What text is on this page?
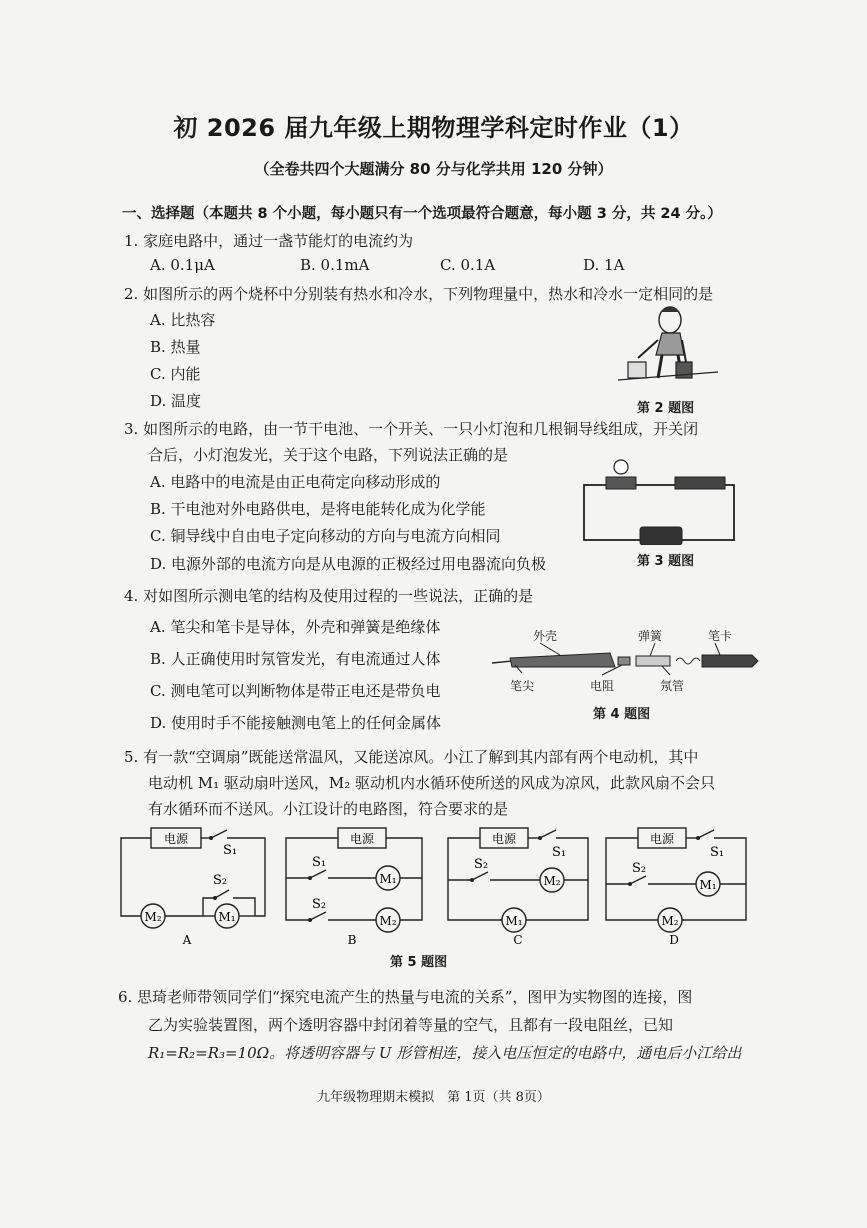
初 2026 届九年级上期物理学科定时作业（1）
（全卷共四个大题满分 80 分与化学共用 120 分钟）
一、选择题（本题共 8 个小题，每小题只有一个选项最符合题意，每小题 3 分，共 24 分。）
1. 家庭电路中，通过一盏节能灯的电流约为
A. 0.1μA	B. 0.1mA	C. 0.1A	D. 1A
2. 如图所示的两个烧杯中分别装有热水和冷水，下列物理量中，热水和冷水一定相同的是
A. 比热容
B. 热量
C. 内能
D. 温度	第 2 题图
3. 如图所示的电路，由一节干电池、一个开关、一只小灯泡和几根铜导线组成，开关闭
合后，小灯泡发光，关于这个电路，下列说法正确的是
A. 电路中的电流是由正电荷定向移动形成的
B. 干电池对外电路供电，是将电能转化成为化学能
C. 铜导线中自由电子定向移动的方向与电流方向相同
D. 电源外部的电流方向是从电源的正极经过用电器流向负极	第 3 题图
4. 对如图所示测电笔的结构及使用过程的一些说法，正确的是
A. 笔尖和笔卡是导体，外壳和弹簧是绝缘体
B. 人正确使用时氖管发光，有电流通过人体
C. 测电笔可以判断物体是带正电还是带负电
D. 使用时手不能接触测电笔上的任何金属体
外壳	弹簧	笔卡
笔尖	电阻	氖管
第 4 题图
5. 有一款“空调扇”既能送常温风，又能送凉风。小江了解到其内部有两个电动机，其中
电动机 M₁ 驱动扇叶送风，M₂ 驱动机内水循环使所送的风成为凉风，此款风扇不会只
有水循环而不送风。小江设计的电路图，符合要求的是
电源
S₁
S₂
M₂	M₁
A
电源
S₁
S₂
M₁
M₂
B
电源
S₁
S₂
M₂
M₁
C
电源
S₁
S₂
M₁
M₂
D
第 5 题图
6. 思琦老师带领同学们“探究电流产生的热量与电流的关系”，图甲为实物图的连接，图
乙为实验装置图，两个透明容器中封闭着等量的空气，且都有一段电阻丝，已知
R₁=R₂=R₃=10Ω。将透明容器与 U 形管相连，接入电压恒定的电路中，通电后小江给出
九年级物理期末模拟　第 1页（共 8页）
